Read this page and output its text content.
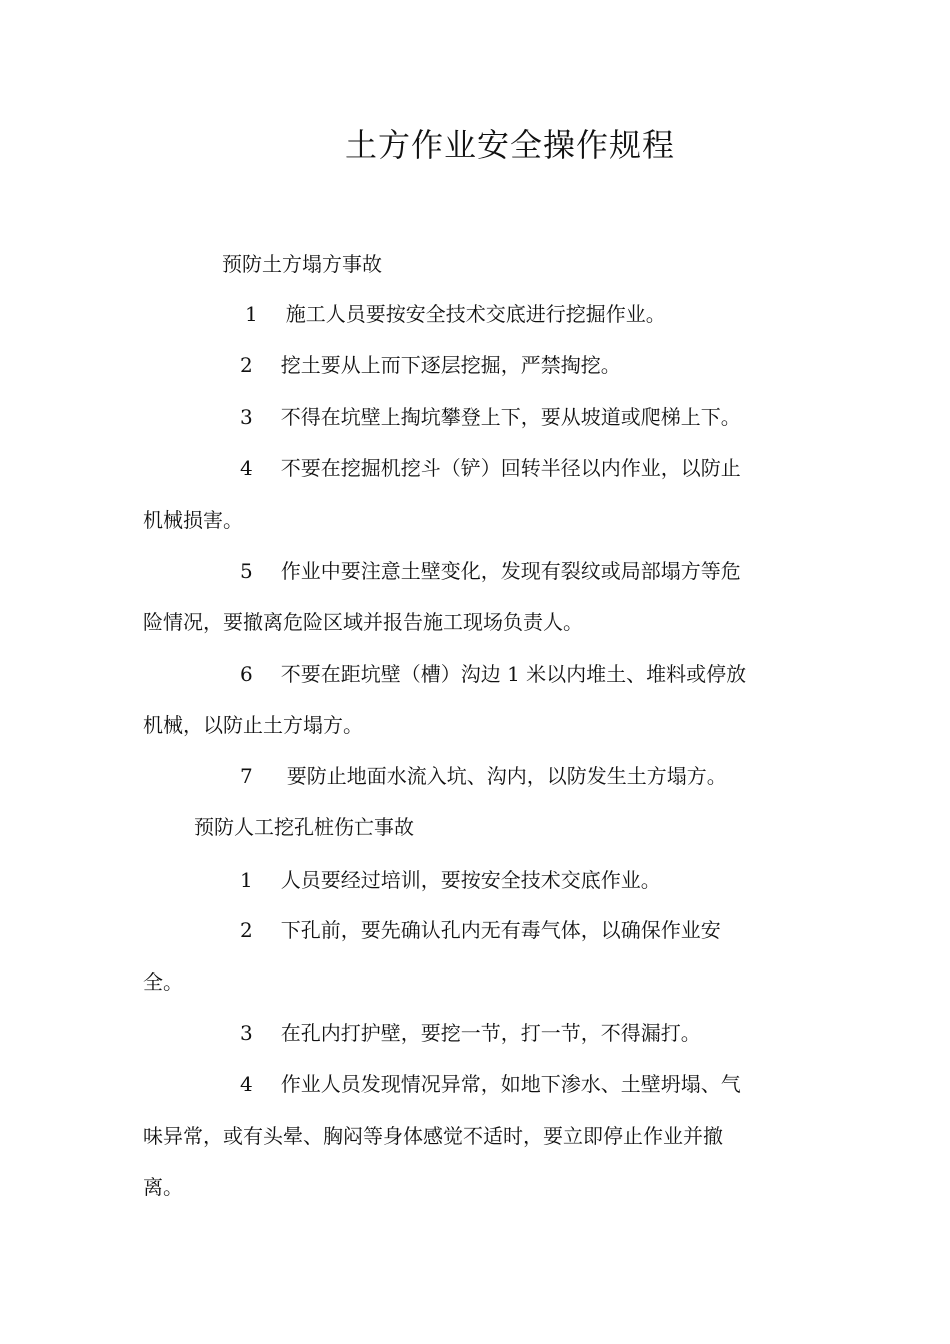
土方作业安全操作规程
预防土方塌方事故
1 施工人员要按安全技术交底进行挖掘作业。
2 挖土要从上而下逐层挖掘，严禁掏挖。
3 不得在坑壁上掏坑攀登上下，要从坡道或爬梯上下。
4 不要在挖掘机挖斗（铲）回转半径以内作业，以防止
机械损害。
5 作业中要注意土壁变化，发现有裂纹或局部塌方等危
险情况，要撤离危险区域并报告施工现场负责人。
6 不要在距坑壁（槽）沟边 1 米以内堆土、堆料或停放
机械，以防止土方塌方。
7 要防止地面水流入坑、沟内，以防发生土方塌方。
预防人工挖孔桩伤亡事故
1 人员要经过培训，要按安全技术交底作业。
2 下孔前，要先确认孔内无有毒气体，以确保作业安
全。
3 在孔内打护壁，要挖一节，打一节，不得漏打。
4 作业人员发现情况异常，如地下渗水、土壁坍塌、气
味异常，或有头晕、胸闷等身体感觉不适时，要立即停止作业并撤
离。
